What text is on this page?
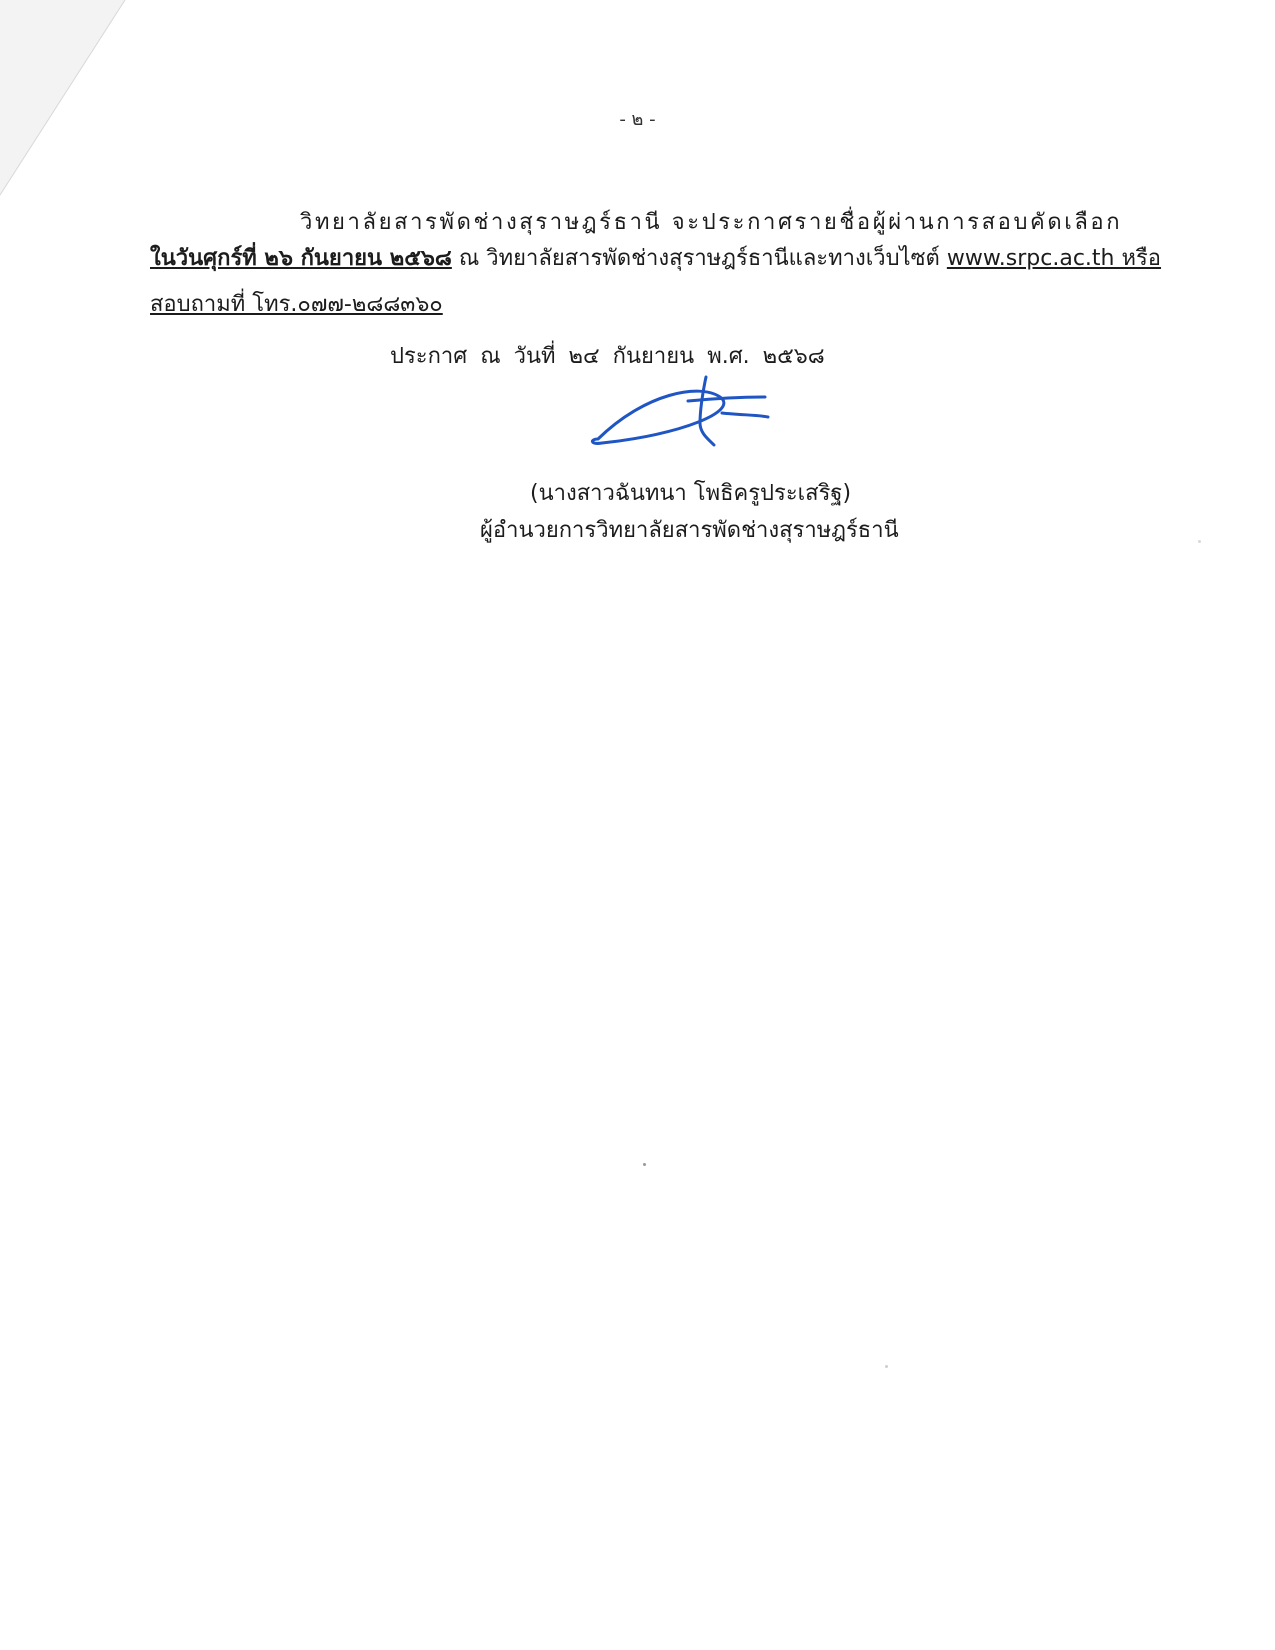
- ๒ -
วิทยาลัยสารพัดช่างสุราษฎร์ธานี จะประกาศรายชื่อผู้ผ่านการสอบคัดเลือก
ในวันศุกร์ที่ ๒๖ กันยายน ๒๕๖๘ ณ วิทยาลัยสารพัดช่างสุราษฎร์ธานีและทางเว็บไซต์ www.srpc.ac.th หรือ
สอบถามที่ โทร.๐๗๗-๒๘๘๓๖๐
ประกาศ ณ วันที่ ๒๔ กันยายน พ.ศ. ๒๕๖๘
(นางสาวฉันทนา โพธิครูประเสริฐ)
ผู้อำนวยการวิทยาลัยสารพัดช่างสุราษฎร์ธานี
